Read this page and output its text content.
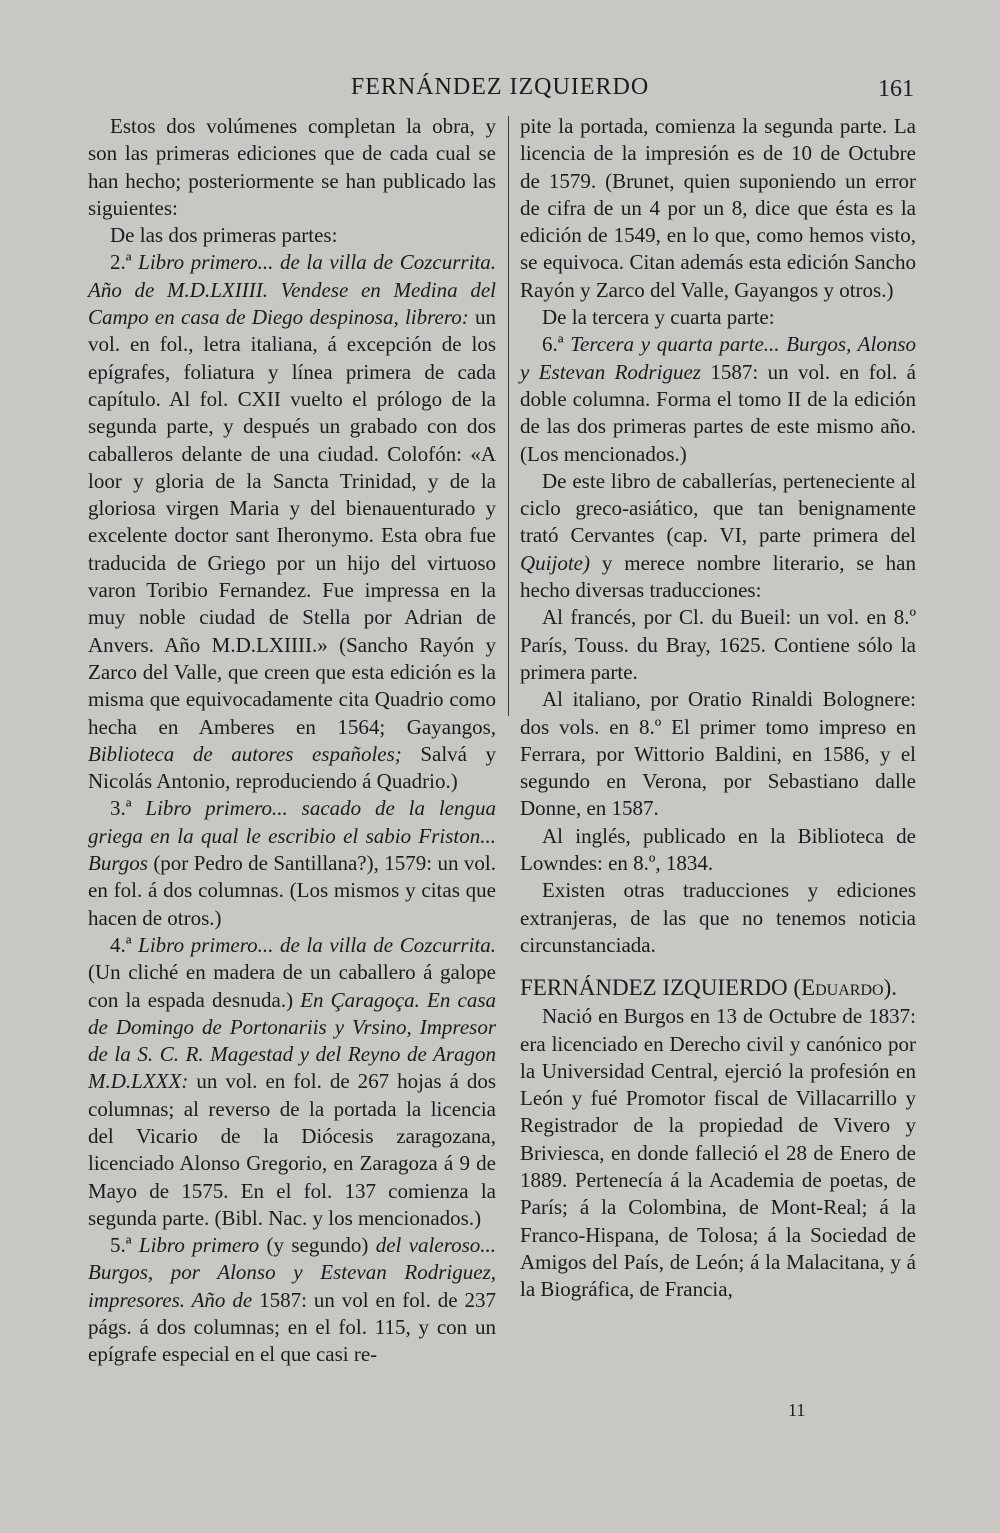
FERNÁNDEZ IZQUIERDO	161

Estos dos volúmenes completan la obra, y son las primeras ediciones que de cada cual se han hecho; posteriormente se han publicado las siguientes:

De las dos primeras partes:

2.ª Libro primero... de la villa de Cozcurrita. Año de M.D.LXIIII. Vendese en Medina del Campo en casa de Diego despinosa, librero: un vol. en fol., letra italiana, á excepción de los epígrafes, foliatura y línea primera de cada capítulo. Al fol. CXII vuelto el prólogo de la segunda parte, y después un grabado con dos caballeros delante de una ciudad. Colofón: «A loor y gloria de la Sancta Trinidad, y de la gloriosa virgen Maria y del bienauenturado y excelente doctor sant Iheronymo. Esta obra fue traducida de Griego por un hijo del virtuoso varon Toribio Fernandez. Fue impressa en la muy noble ciudad de Stella por Adrian de Anvers. Año M.D.LXIIII.» (Sancho Rayón y Zarco del Valle, que creen que esta edición es la misma que equivocadamente cita Quadrio como hecha en Amberes en 1564; Gayangos, Biblioteca de autores españoles; Salvá y Nicolás Antonio, reproduciendo á Quadrio.)

3.ª Libro primero... sacado de la lengua griega en la qual le escribio el sabio Friston... Burgos (por Pedro de Santillana?), 1579: un vol. en fol. á dos columnas. (Los mismos y citas que hacen de otros.)

4.ª Libro primero... de la villa de Cozcurrita. (Un cliché en madera de un caballero á galope con la espada desnuda.) En Çaragoça. En casa de Domingo de Portonariis y Vrsino, Impresor de la S. C. R. Magestad y del Reyno de Aragon M.D.LXXX: un vol. en fol. de 267 hojas á dos columnas; al reverso de la portada la licencia del Vicario de la Diócesis zaragozana, licenciado Alonso Gregorio, en Zaragoza á 9 de Mayo de 1575. En el fol. 137 comienza la segunda parte. (Bibl. Nac. y los mencionados.)

5.ª Libro primero (y segundo) del valeroso... Burgos, por Alonso y Estevan Rodriguez, impresores. Año de 1587: un vol en fol. de 237 págs. á dos columnas; en el fol. 115, y con un epígrafe especial en el que casi re-

pite la portada, comienza la segunda parte. La licencia de la impresión es de 10 de Octubre de 1579. (Brunet, quien suponiendo un error de cifra de un 4 por un 8, dice que ésta es la edición de 1549, en lo que, como hemos visto, se equivoca. Citan además esta edición Sancho Rayón y Zarco del Valle, Gayangos y otros.)

De la tercera y cuarta parte:

6.ª Tercera y quarta parte... Burgos, Alonso y Estevan Rodriguez 1587: un vol. en fol. á doble columna. Forma el tomo II de la edición de las dos primeras partes de este mismo año. (Los mencionados.)

De este libro de caballerías, perteneciente al ciclo greco-asiático, que tan benignamente trató Cervantes (cap. VI, parte primera del Quijote) y merece nombre literario, se han hecho diversas traducciones:

Al francés, por Cl. du Bueil: un vol. en 8.º París, Touss. du Bray, 1625. Contiene sólo la primera parte.

Al italiano, por Oratio Rinaldi Bolognere: dos vols. en 8.º El primer tomo impreso en Ferrara, por Wittorio Baldini, en 1586, y el segundo en Verona, por Sebastiano dalle Donne, en 1587.

Al inglés, publicado en la Biblioteca de Lowndes: en 8.º, 1834.

Existen otras traducciones y ediciones extranjeras, de las que no tenemos noticia circunstanciada.

FERNÁNDEZ IZQUIERDO (Eduardo).

Nació en Burgos en 13 de Octubre de 1837: era licenciado en Derecho civil y canónico por la Universidad Central, ejerció la profesión en León y fué Promotor fiscal de Villacarrillo y Registrador de la propiedad de Vivero y Briviesca, en donde falleció el 28 de Enero de 1889. Pertenecía á la Academia de poetas, de París; á la Colombina, de Mont-Real; á la Franco-Hispana, de Tolosa; á la Sociedad de Amigos del País, de León; á la Malacitana, y á la Biográfica, de Francia,

11
